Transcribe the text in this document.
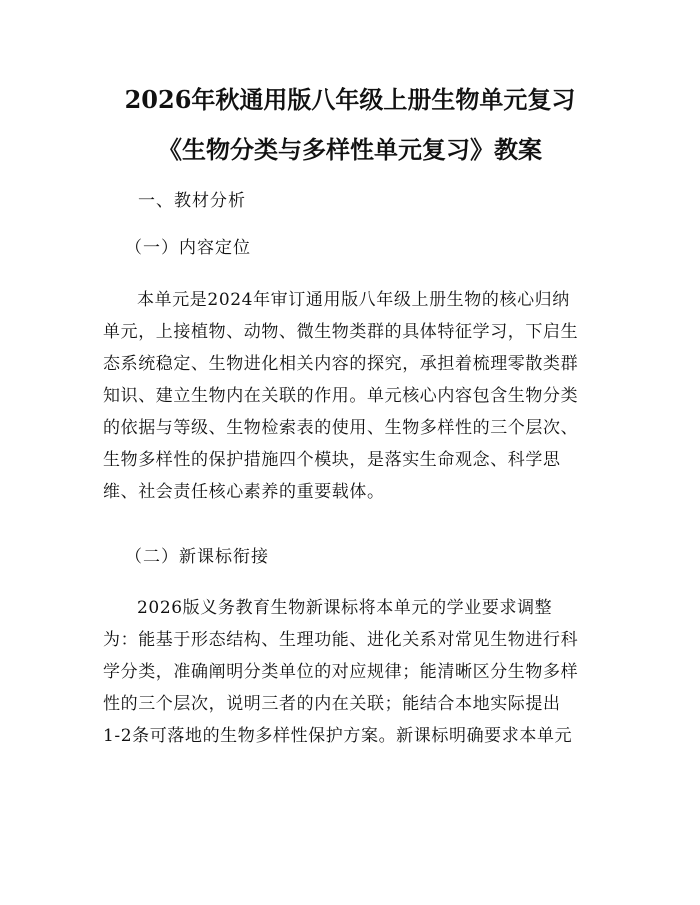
2026年秋通用版八年级上册生物单元复习
《生物分类与多样性单元复习》教案
一、教材分析
（一）内容定位
本单元是2024年审订通用版八年级上册生物的核心归纳
单元，上接植物、动物、微生物类群的具体特征学习，下启生
态系统稳定、生物进化相关内容的探究，承担着梳理零散类群
知识、建立生物内在关联的作用。单元核心内容包含生物分类
的依据与等级、生物检索表的使用、生物多样性的三个层次、
生物多样性的保护措施四个模块，是落实生命观念、科学思
维、社会责任核心素养的重要载体。
（二）新课标衔接
2026版义务教育生物新课标将本单元的学业要求调整
为：能基于形态结构、生理功能、进化关系对常见生物进行科
学分类，准确阐明分类单位的对应规律；能清晰区分生物多样
性的三个层次，说明三者的内在关联；能结合本地实际提出
1-2条可落地的生物多样性保护方案。新课标明确要求本单元
